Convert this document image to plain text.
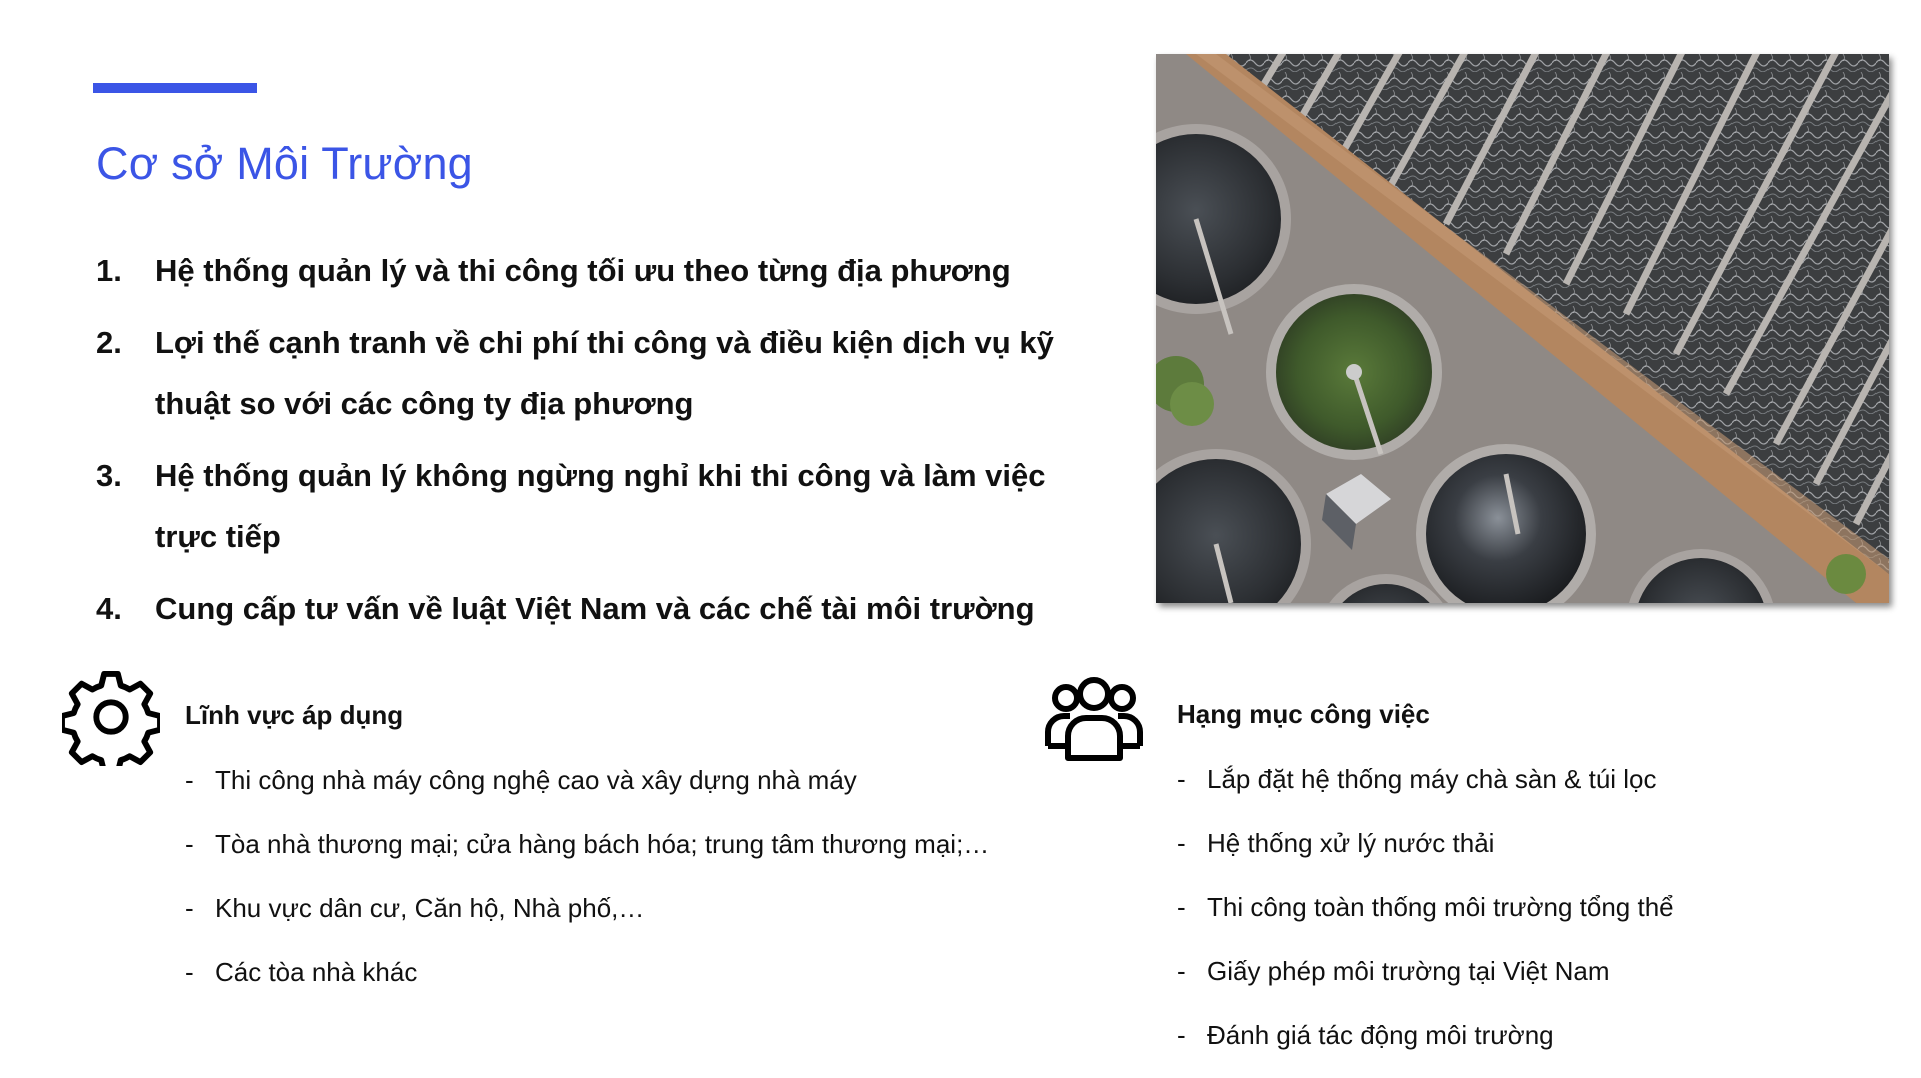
Cơ sở Môi Trường
1.	Hệ thống quản lý và thi công tối ưu theo từng địa phương
2.	Lợi thế cạnh tranh về chi phí thi công và điều kiện dịch vụ kỹ thuật so với các công ty địa phương
3.	Hệ thống quản lý không ngừng nghỉ khi thi công và làm việc trực tiếp
4.	Cung cấp tư vấn về luật Việt Nam và các chế tài môi trường
Lĩnh vực áp dụng
- Thi công nhà máy công nghệ cao và xây dựng nhà máy
- Tòa nhà thương mại; cửa hàng bách hóa; trung tâm thương mại;…
- Khu vực dân cư, Căn hộ, Nhà phố,…
- Các tòa nhà khác
Hạng mục công việc
- Lắp đặt hệ thống máy chà sàn & túi lọc
- Hệ thống xử lý nước thải
- Thi công toàn thống môi trường tổng thể
- Giấy phép môi trường tại Việt Nam
- Đánh giá tác động môi trường
